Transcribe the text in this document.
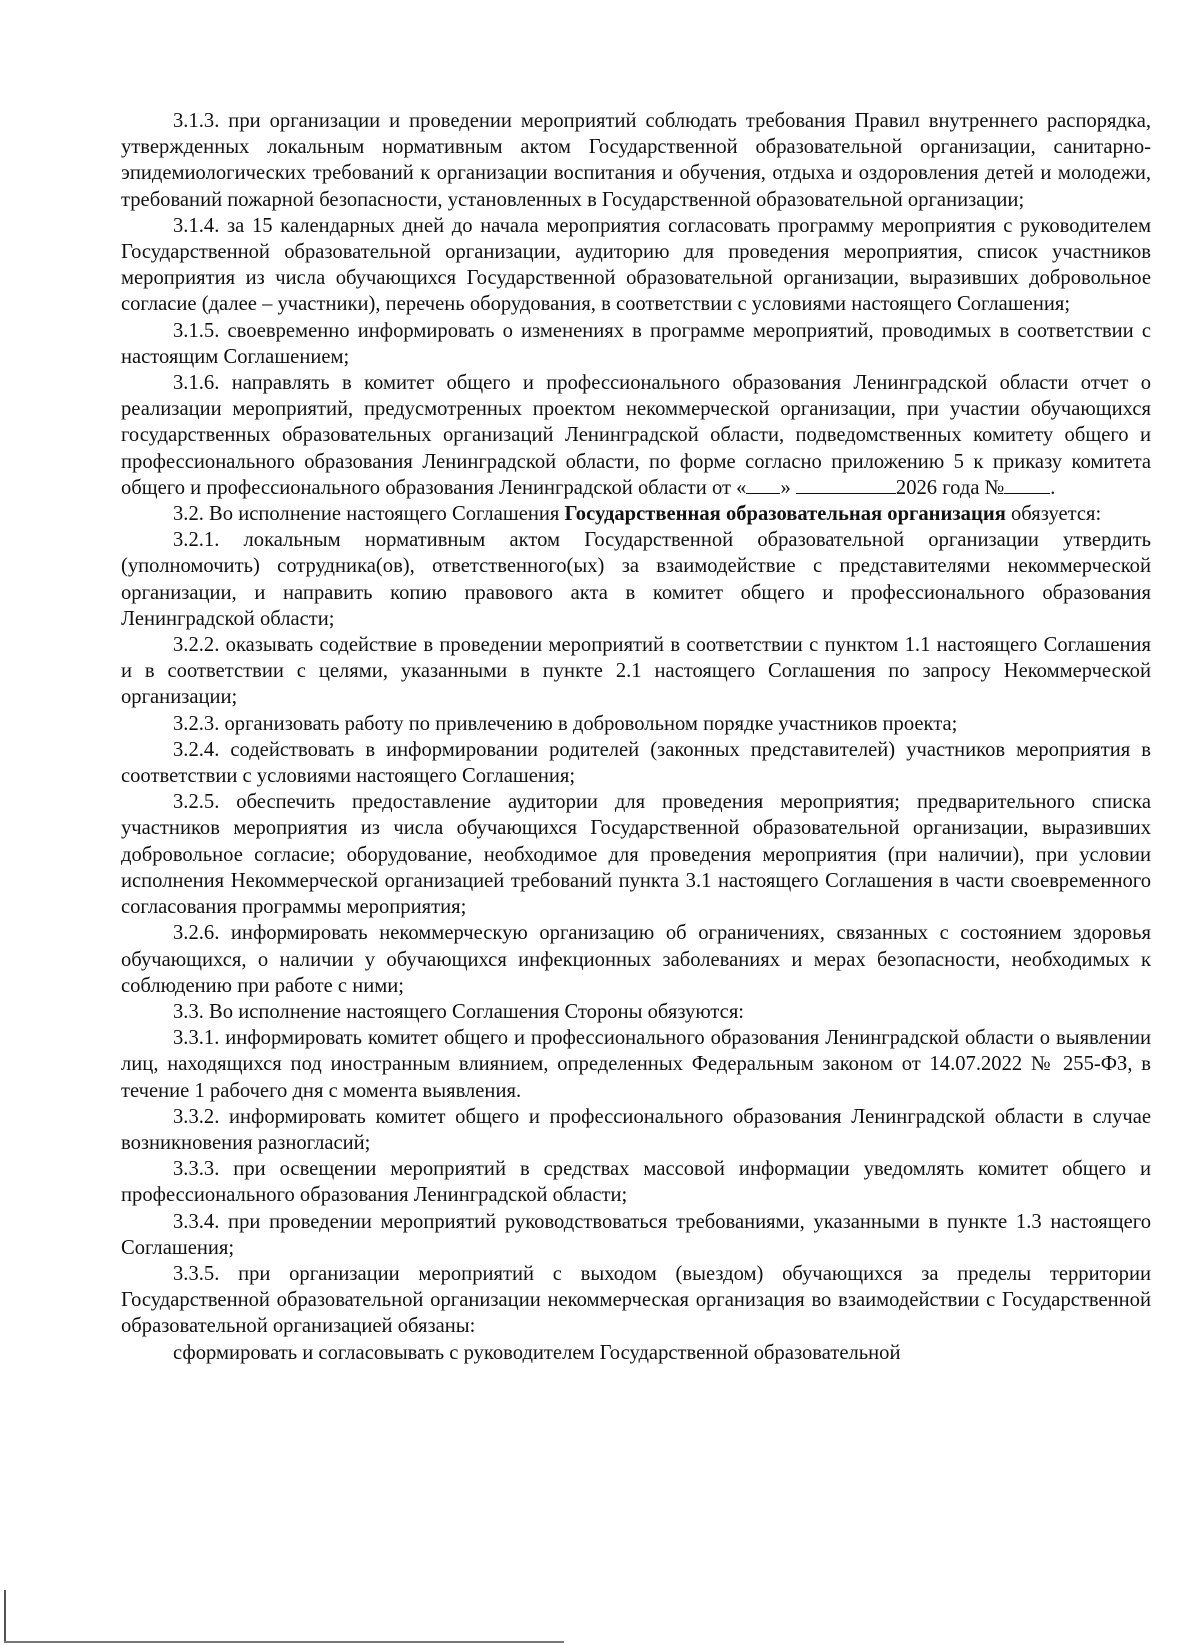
3.1.3. при организации и проведении мероприятий соблюдать требования Правил внутреннего распорядка, утвержденных локальным нормативным актом Государственной образовательной организации, санитарно-эпидемиологических требований к организации воспитания и обучения, отдыха и оздоровления детей и молодежи, требований пожарной безопасности, установленных в Государственной образовательной организации;

3.1.4. за 15 календарных дней до начала мероприятия согласовать программу мероприятия с руководителем Государственной образовательной организации, аудиторию для проведения мероприятия, список участников мероприятия из числа обучающихся Государственной образовательной организации, выразивших добровольное согласие (далее – участники), перечень оборудования, в соответствии с условиями настоящего Соглашения;

3.1.5. своевременно информировать о изменениях в программе мероприятий, проводимых в соответствии с настоящим Соглашением;

3.1.6. направлять в комитет общего и профессионального образования Ленинградской области отчет о реализации мероприятий, предусмотренных проектом некоммерческой организации, при участии обучающихся государственных образовательных организаций Ленинградской области, подведомственных комитету общего и профессионального образования Ленинградской области, по форме согласно приложению 5 к приказу комитета общего и профессионального образования Ленинградской области от « »	2026 года № .

3.2. Во исполнение настоящего Соглашения Государственная образовательная организация обязуется:

3.2.1. локальным нормативным актом Государственной образовательной организации утвердить (уполномочить) сотрудника(ов), ответственного(ых) за взаимодействие с представителями некоммерческой организации, и направить копию правового акта в комитет общего и профессионального образования Ленинградской области;

3.2.2. оказывать содействие в проведении мероприятий в соответствии с пунктом 1.1 настоящего Соглашения и в соответствии с целями, указанными в пункте 2.1 настоящего Соглашения по запросу Некоммерческой организации;

3.2.3. организовать работу по привлечению в добровольном порядке участников проекта;

3.2.4. содействовать в информировании родителей (законных представителей) участников мероприятия в соответствии с условиями настоящего Соглашения;

3.2.5. обеспечить предоставление аудитории для проведения мероприятия; предварительного списка участников мероприятия из числа обучающихся Государственной образовательной организации, выразивших добровольное согласие; оборудование, необходимое для проведения мероприятия (при наличии), при условии исполнения Некоммерческой организацией требований пункта 3.1 настоящего Соглашения в части своевременного согласования программы мероприятия;

3.2.6. информировать некоммерческую организацию об ограничениях, связанных с состоянием здоровья обучающихся, о наличии у обучающихся инфекционных заболеваниях и мерах безопасности, необходимых к соблюдению при работе с ними;

3.3. Во исполнение настоящего Соглашения Стороны обязуются:

3.3.1. информировать комитет общего и профессионального образования Ленинградской области о выявлении лиц, находящихся под иностранным влиянием, определенных Федеральным законом от 14.07.2022 № 255-ФЗ, в течение 1 рабочего дня с момента выявления.

3.3.2. информировать комитет общего и профессионального образования Ленинградской области в случае возникновения разногласий;

3.3.3. при освещении мероприятий в средствах массовой информации уведомлять комитет общего и профессионального образования Ленинградской области;

3.3.4. при проведении мероприятий руководствоваться требованиями, указанными в пункте 1.3 настоящего Соглашения;

3.3.5. при организации мероприятий с выходом (выездом) обучающихся за пределы территории Государственной образовательной организации некоммерческая организация во взаимодействии с Государственной образовательной организацией обязаны:

сформировать и согласовывать с руководителем Государственной образовательной
